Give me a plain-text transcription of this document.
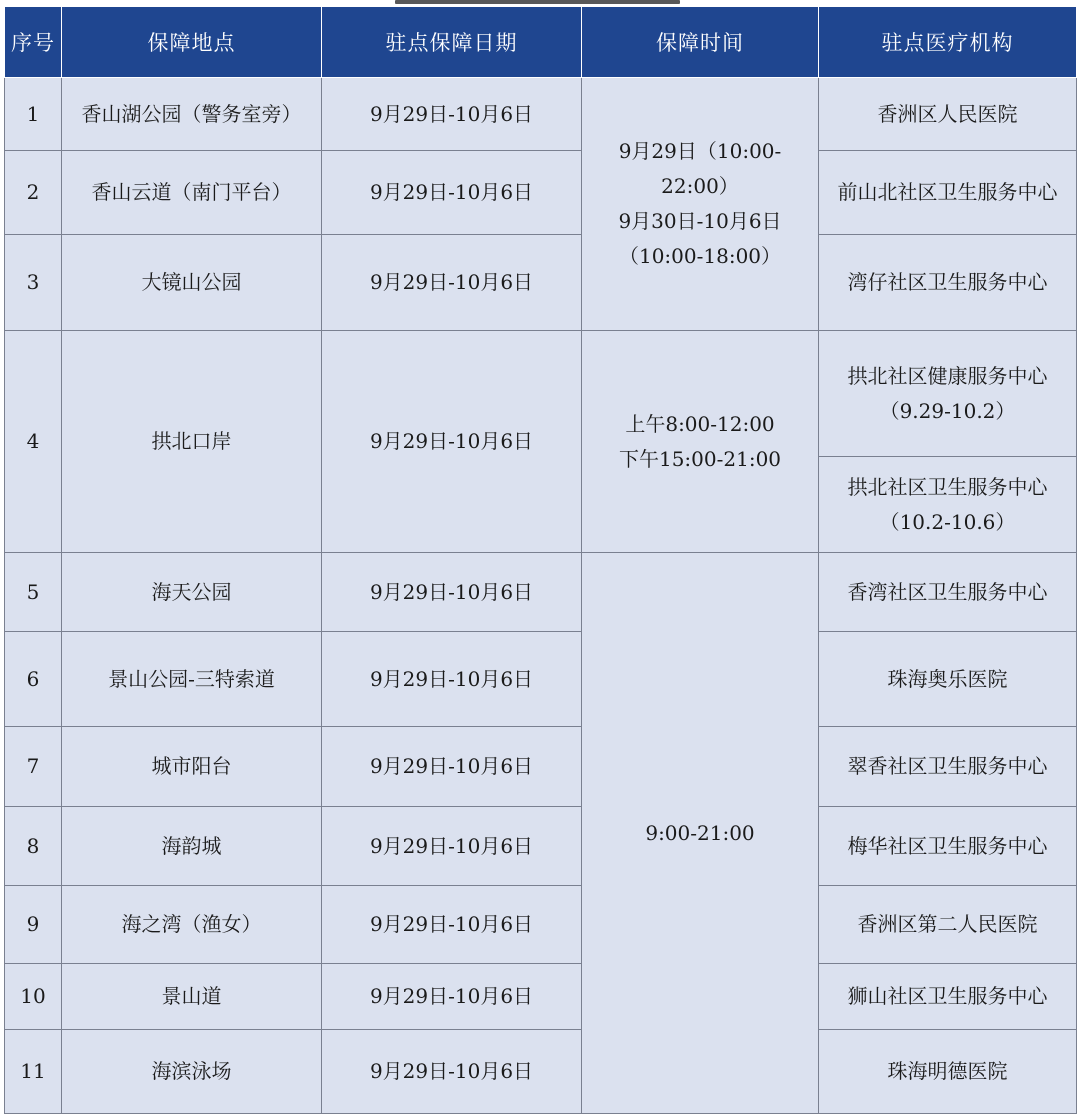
序号	保障地点	驻点保障日期	保障时间	驻点医疗机构
1	香山湖公园（警务室旁）	9月29日-10月6日	9月29日（10:00-
22:00）
9月30日-10月6日
（10:00-18:00）	香洲区人民医院
2	香山云道（南门平台）	9月29日-10月6日		前山北社区卫生服务中心
3	大镜山公园	9月29日-10月6日		湾仔社区卫生服务中心
4	拱北口岸	9月29日-10月6日	上午8:00-12:00
下午15:00-21:00	拱北社区健康服务中心
（9.29-10.2）

				拱北社区卫生服务中心
（10.2-10.6）

5	海天公园	9月29日-10月6日	9:00-21:00	香湾社区卫生服务中心
6	景山公园-三特索道	9月29日-10月6日		珠海奥乐医院
7	城市阳台	9月29日-10月6日		翠香社区卫生服务中心
8	海韵城	9月29日-10月6日		梅华社区卫生服务中心
9	海之湾（渔女）	9月29日-10月6日		香洲区第二人民医院
10	景山道	9月29日-10月6日		狮山社区卫生服务中心
11	海滨泳场	9月29日-10月6日		珠海明德医院
